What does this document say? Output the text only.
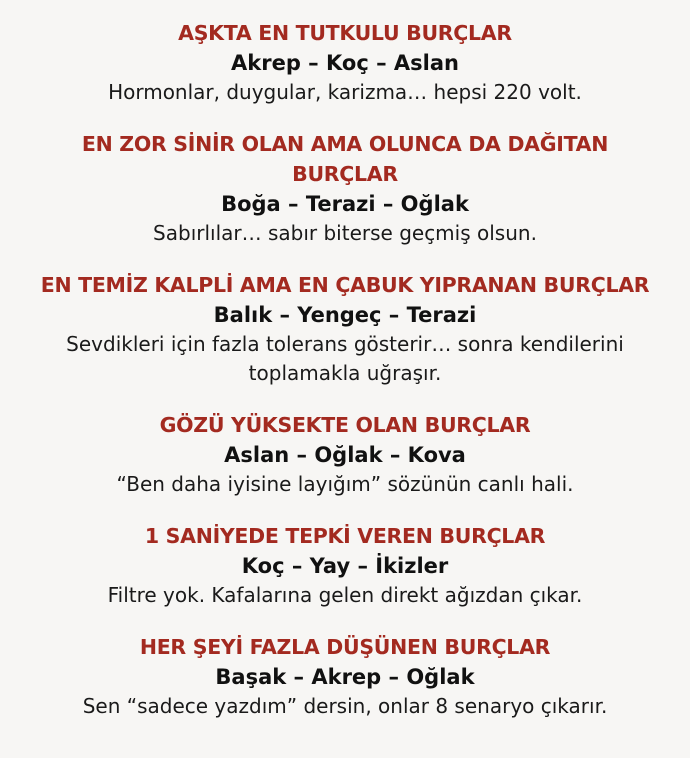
AŞKTA EN TUTKULU BURÇLAR

Akrep – Koç – Aslan

Hormonlar, duygular, karizma… hepsi 220 volt.

EN ZOR SİNİR OLAN AMA OLUNCA DA DAĞITAN BURÇLAR

Boğa – Terazi – Oğlak

Sabırlılar… sabır biterse geçmiş olsun.

EN TEMİZ KALPLİ AMA EN ÇABUK YIPRANAN BURÇLAR

Balık – Yengeç – Terazi

Sevdikleri için fazla tolerans gösterir… sonra kendilerini toplamakla uğraşır.

GÖZÜ YÜKSEKTE OLAN BURÇLAR

Aslan – Oğlak – Kova

“Ben daha iyisine layığım” sözünün canlı hali.

1 SANİYEDE TEPKİ VEREN BURÇLAR

Koç – Yay – İkizler

Filtre yok. Kafalarına gelen direkt ağızdan çıkar.

HER ŞEYİ FAZLA DÜŞÜNEN BURÇLAR

Başak – Akrep – Oğlak

Sen “sadece yazdım” dersin, onlar 8 senaryo çıkarır.
